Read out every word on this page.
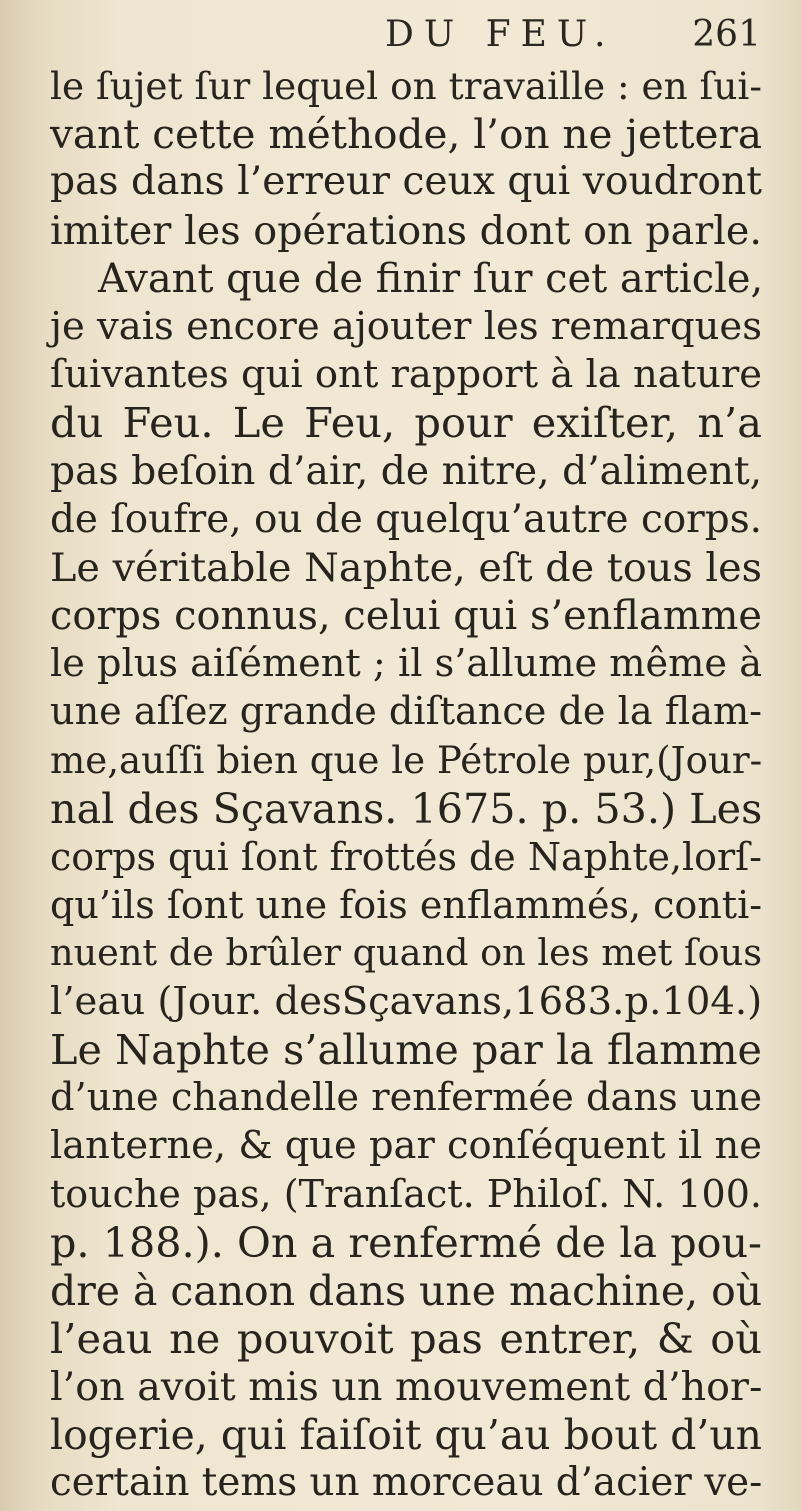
DU FEU. 261
le ſujet ſur lequel on travaille : en ſui-
vant cette méthode, l’on ne jettera
pas dans l’erreur ceux qui voudront
imiter les opérations dont on parle.
Avant que de finir ſur cet article,
je vais encore ajouter les remarques
ſuivantes qui ont rapport à la nature
du Feu. Le Feu, pour exiſter, n’a
pas beſoin d’air, de nitre, d’aliment,
de ſoufre, ou de quelqu’autre corps.
Le véritable Naphte, eſt de tous les
corps connus, celui qui s’enflamme
le plus aiſément ; il s’allume même à
une aſſez grande diſtance de la flam-
me,auſſi bien que le Pétrole pur,(Jour-
nal des Sçavans. 1675. p. 53.) Les
corps qui ſont frottés de Naphte,lorſ-
qu’ils ſont une fois enflammés, conti-
nuent de brûler quand on les met ſous
l’eau (Jour. desSçavans,1683.p.104.)
Le Naphte s’allume par la flamme
d’une chandelle renfermée dans une
lanterne, & que par conſéquent il ne
touche pas, (Tranſact. Philoſ. N. 100.
p. 188.). On a renfermé de la pou-
dre à canon dans une machine, où
l’eau ne pouvoit pas entrer, & où
l’on avoit mis un mouvement d’hor-
logerie, qui faiſoit qu’au bout d’un
certain tems un morceau d’acier ve-
